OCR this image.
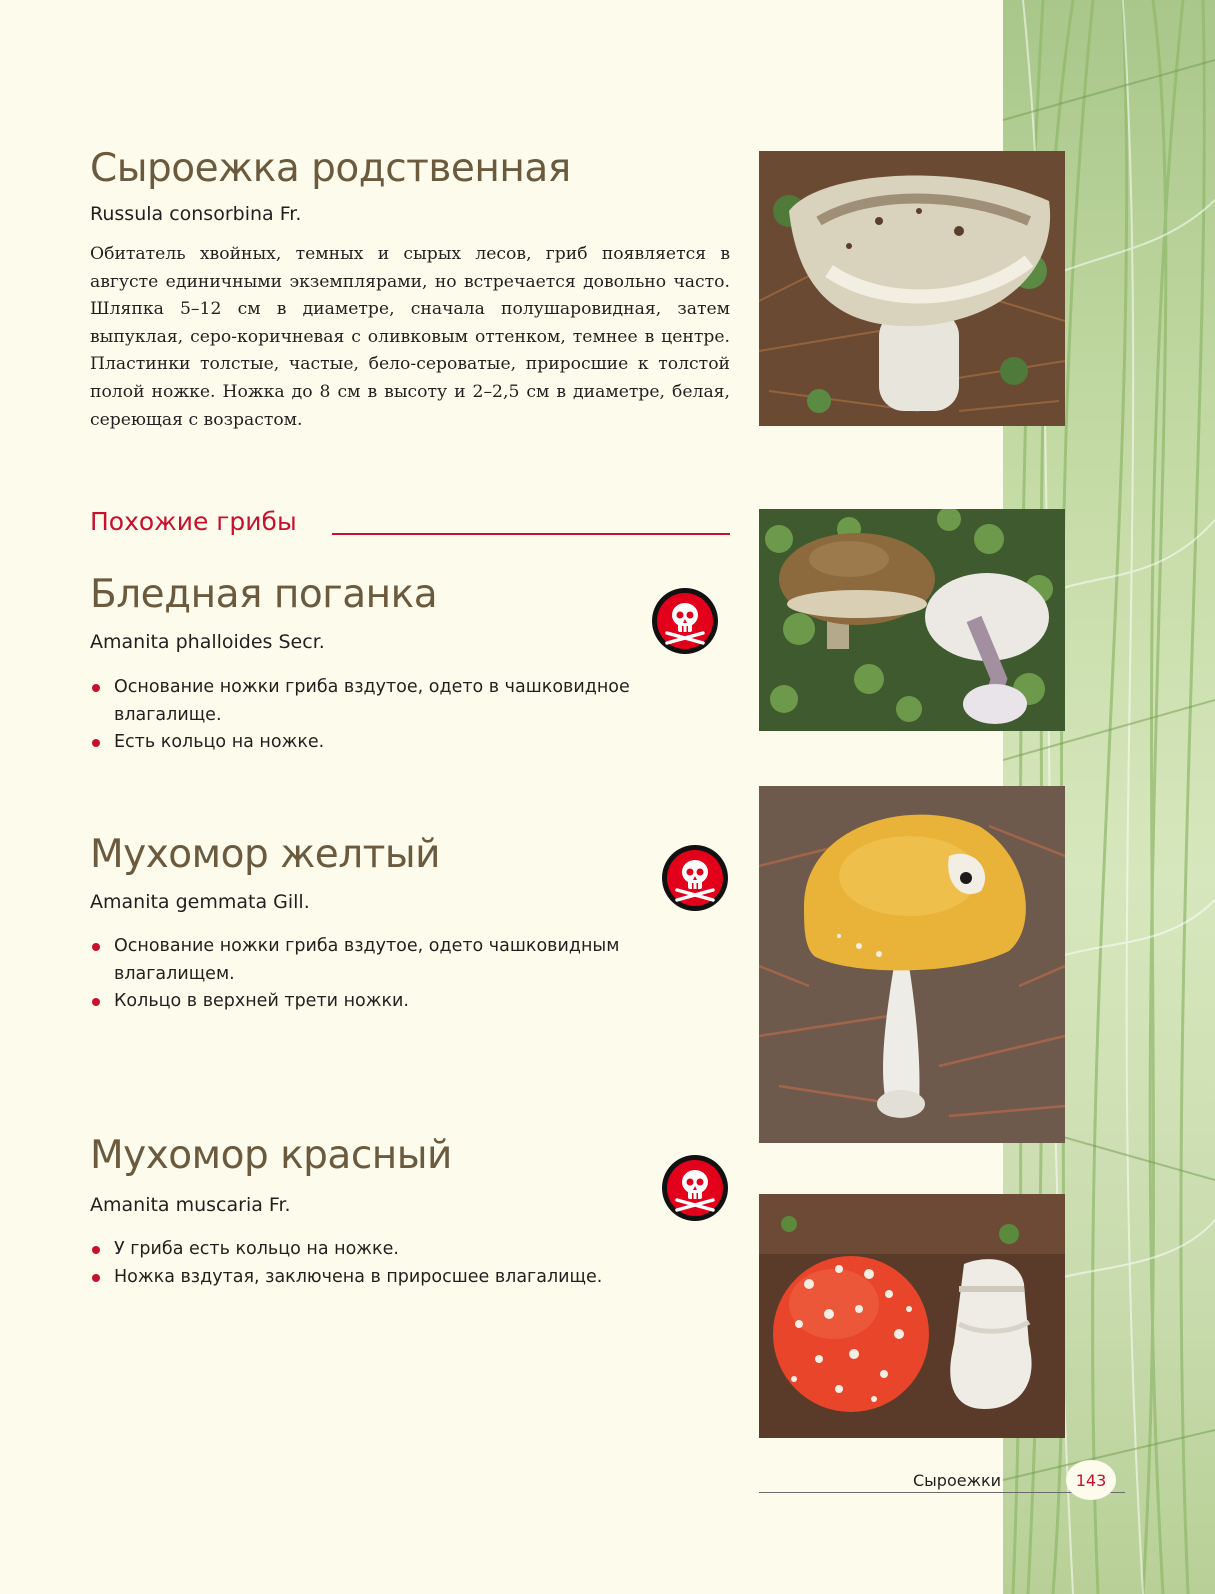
Сыроежка родственная

Russula consorbina Fr.

Обитатель хвойных, темных и сырых лесов, гриб появляется в августе единичными экземплярами, но встречается довольно часто. Шляпка 5–12 см в диаметре, сначала полушаровидная, затем выпуклая, серо-коричневая с оливковым оттенком, темнее в центре. Пластинки толстые, частые, бело-сероватые, приросшие к толстой полой ножке. Ножка до 8 см в высоту и 2–2,5 см в диаметре, белая, сереющая с возрастом.

Похожие грибы
Бледная поганка

Amanita phalloides Secr.

Основание ножки гриба вздутое, одето в чашковидное влагалище.
Есть кольцо на ножке.
Мухомор желтый

Amanita gemmata Gill.

Основание ножки гриба вздутое, одето чашковидным влагалищем.
Кольцо в верхней трети ножки.
Мухомор красный

Amanita muscaria Fr.

У гриба есть кольцо на ножке.
Ножка вздутая, заключена в приросшее влагалище.
Сыроежки	143
